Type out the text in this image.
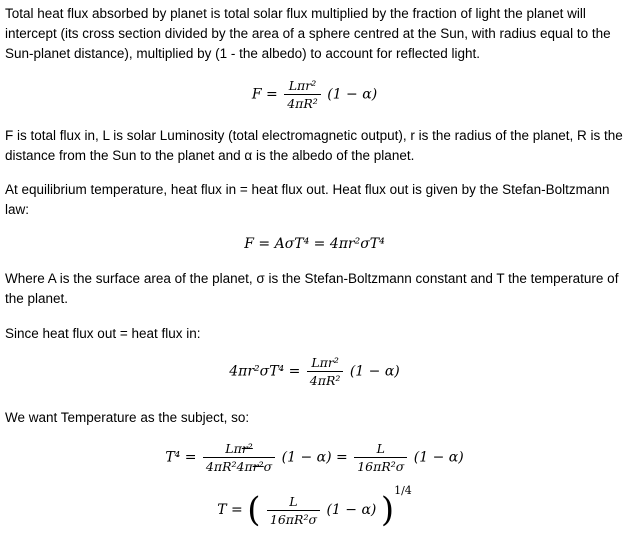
Total heat flux absorbed by planet is total solar flux multiplied by the fraction of light the planet will intercept (its cross section divided by the area of a sphere centred at the Sun, with radius equal to the Sun-planet distance), multiplied by (1 - the albedo) to account for reflected light.

$F = \frac{\text{Lπr²}}{\text{4πR²}} (1 - \alpha)$

F is total flux in, L is solar Luminosity (total electromagnetic output), r is the radius of the planet, R is the distance from the Sun to the planet and α is the albedo of the planet.

At equilibrium temperature, heat flux in = heat flux out. Heat flux out is given by the Stefan-Boltzmann law:

F = AσT⁴ = 4πr²σT⁴

Where A is the surface area of the planet, σ is the Stefan-Boltzmann constant and T the temperature of the planet.

Since heat flux out = heat flux in:

$4\pi r^2\sigma T^4 = \frac{\text{Lπr²}}{\text{4πR²}} (1 - \alpha)$

We want Temperature as the subject, so:

$T^4 = \frac{\text{Lπr²}}{\text{4πR²4πr²σ}} (1 - \alpha) = \frac{L}{\text{16πR²σ}} (1 - \alpha)$
T = ( $\frac{L}{\text{16πR²σ}} (1 - \alpha)$ )$^{1/4}$
